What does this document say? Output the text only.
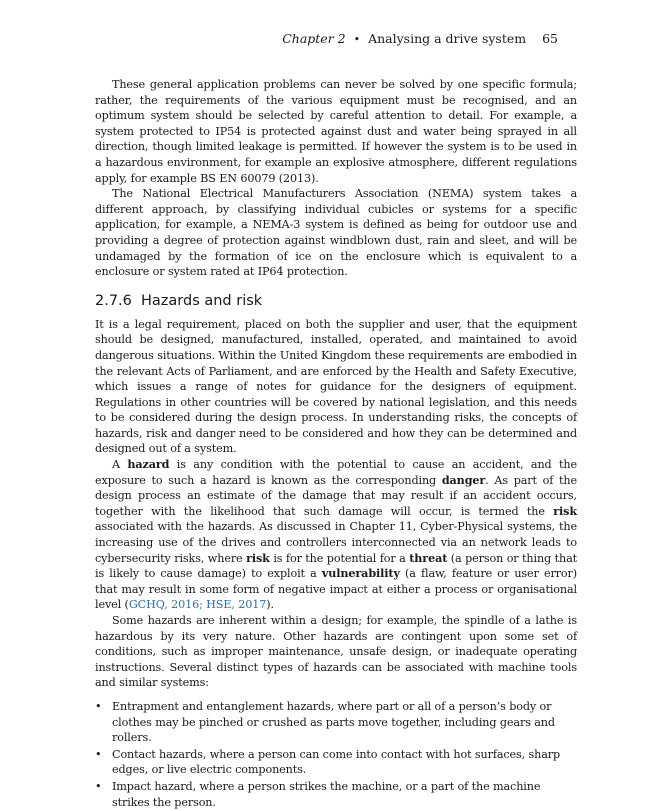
Chapter 2 • Analysing a drive system 65

These general application problems can never be solved by one specific formula; rather, the requirements of the various equipment must be recognised, and an optimum system should be selected by careful attention to detail. For example, a system protected to IP54 is protected against dust and water being sprayed in all direction, though limited leakage is permitted. If however the system is to be used in a hazardous environment, for example an explosive atmosphere, different regulations apply, for example BS EN 60079 (2013).

The National Electrical Manufacturers Association (NEMA) system takes a different approach, by classifying individual cubicles or systems for a specific application, for example, a NEMA-3 system is defined as being for outdoor use and providing a degree of protection against windblown dust, rain and sleet, and will be undamaged by the formation of ice on the enclosure which is equivalent to a enclosure or system rated at IP64 protection.

2.7.6 Hazards and risk

It is a legal requirement, placed on both the supplier and user, that the equipment should be designed, manufactured, installed, operated, and maintained to avoid dangerous situations. Within the United Kingdom these requirements are embodied in the relevant Acts of Parliament, and are enforced by the Health and Safety Executive, which issues a range of notes for guidance for the designers of equipment. Regulations in other countries will be covered by national legislation, and this needs to be considered during the design process. In understanding risks, the concepts of hazards, risk and danger need to be considered and how they can be determined and designed out of a system.

A hazard is any condition with the potential to cause an accident, and the exposure to such a hazard is known as the corresponding danger. As part of the design process an estimate of the damage that may result if an accident occurs, together with the likelihood that such damage will occur, is termed the risk associated with the hazards. As discussed in Chapter 11, Cyber-Physical systems, the increasing use of the drives and controllers interconnected via an network leads to cybersecurity risks, where risk is for the potential for a threat (a person or thing that is likely to cause damage) to exploit a vulnerability (a flaw, feature or user error) that may result in some form of negative impact at either a process or organisational level (GCHQ, 2016; HSE, 2017).

Some hazards are inherent within a design; for example, the spindle of a lathe is hazardous by its very nature. Other hazards are contingent upon some set of conditions, such as improper maintenance, unsafe design, or inadequate operating instructions. Several distinct types of hazards can be associated with machine tools and similar systems:

• Entrapment and entanglement hazards, where part or all of a person’s body or clothes may be pinched or crushed as parts move together, including gears and rollers.
• Contact hazards, where a person can come into contact with hot surfaces, sharp edges, or live electric components.
• Impact hazard, where a person strikes the machine, or a part of the machine strikes the person.
